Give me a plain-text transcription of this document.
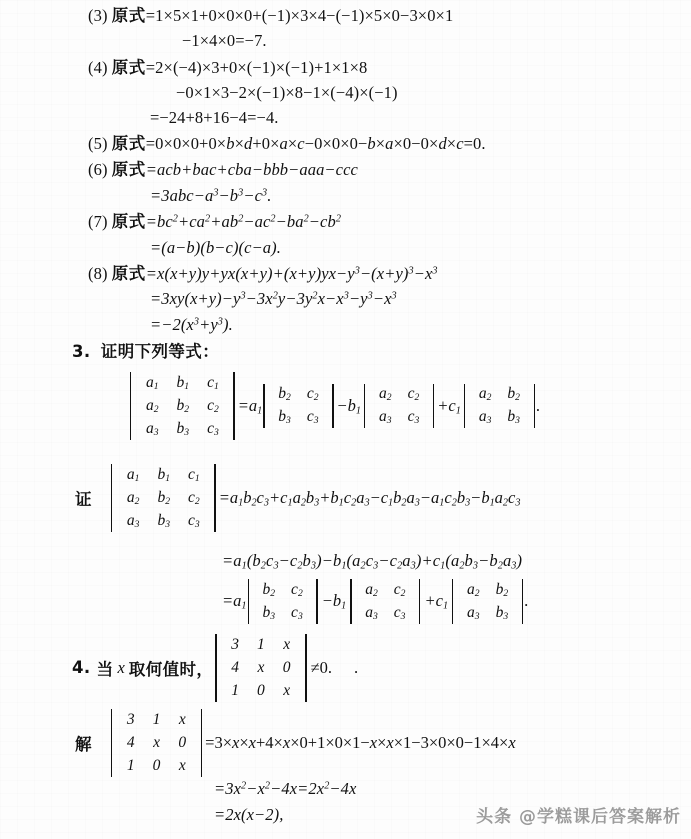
(3) 原式=1×5×1+0×0×0+(−1)×3×4−(−1)×5×0−3×0×1
−1×4×0=−7.
(4) 原式=2×(−4)×3+0×(−1)×(−1)+1×1×8
−0×1×3−2×(−1)×8−1×(−4)×(−1)
=−24+8+16−4=−4.
(5) 原式=0×0×0+0×b×d+0×a×c−0×0×0−b×a×0−0×d×c=0.
(6) 原式=acb+bac+cba−bbb−aaa−ccc
$=3abc-a^3-b^3-c^3$.
(7) 原式$=bc^2+ca^2+ab^2-ac^2-ba^2-cb^2$
=(a−b)(b−c)(c−a).
(8) 原式$=x(x+y)y+yx(x+y)+(x+y)yx-y^3-(x+y)^3-x^3$
$=3xy(x+y)-y^3-3x^2y-3y^2x-x^3-y^3-x^3$
$=-2(x^3+y^3)$.
3. 证明下列等式：
$a_1$	$b_1$	$c_1$
$a_2$	$b_2$	$c_2$
$a_3$	$b_3$	$c_3$
$=a_1$
$b_2$	$c_2$
$b_3$	$c_3$
$-b_1$
$a_2$	$c_2$
$a_3$	$c_3$
$+c_1$
$a_2$	$b_2$
$a_3$	$b_3$
.
证
$a_1$	$b_1$	$c_1$
$a_2$	$b_2$	$c_2$
$a_3$	$b_3$	$c_3$
$=a_1b_2c_3+c_1a_2b_3+b_1c_2a_3-c_1b_2a_3-a_1c_2b_3-b_1a_2c_3$
$=a_1(b_2c_3-c_2b_3)-b_1(a_2c_3-c_2a_3)+c_1(a_2b_3-b_2a_3)$
$=a_1$
$b_2$	$c_2$
$b_3$	$c_3$
$-b_1$
$a_2$	$c_2$
$a_3$	$c_3$
$+c_1$
$a_2$	$b_2$
$a_3$	$b_3$
.
4. 当 x 取何值时，
3	1	x
4	x	0
1	0	x
≠0. .
解
3	1	x
4	x	0
1	0	x
=3×x×x+4×x×0+1×0×1−x×x×1−3×0×0−1×4×x
$=3x^2-x^2-4x=2x^2-4x$
=2x(x−2),	头条 @学糕课后答案解析
